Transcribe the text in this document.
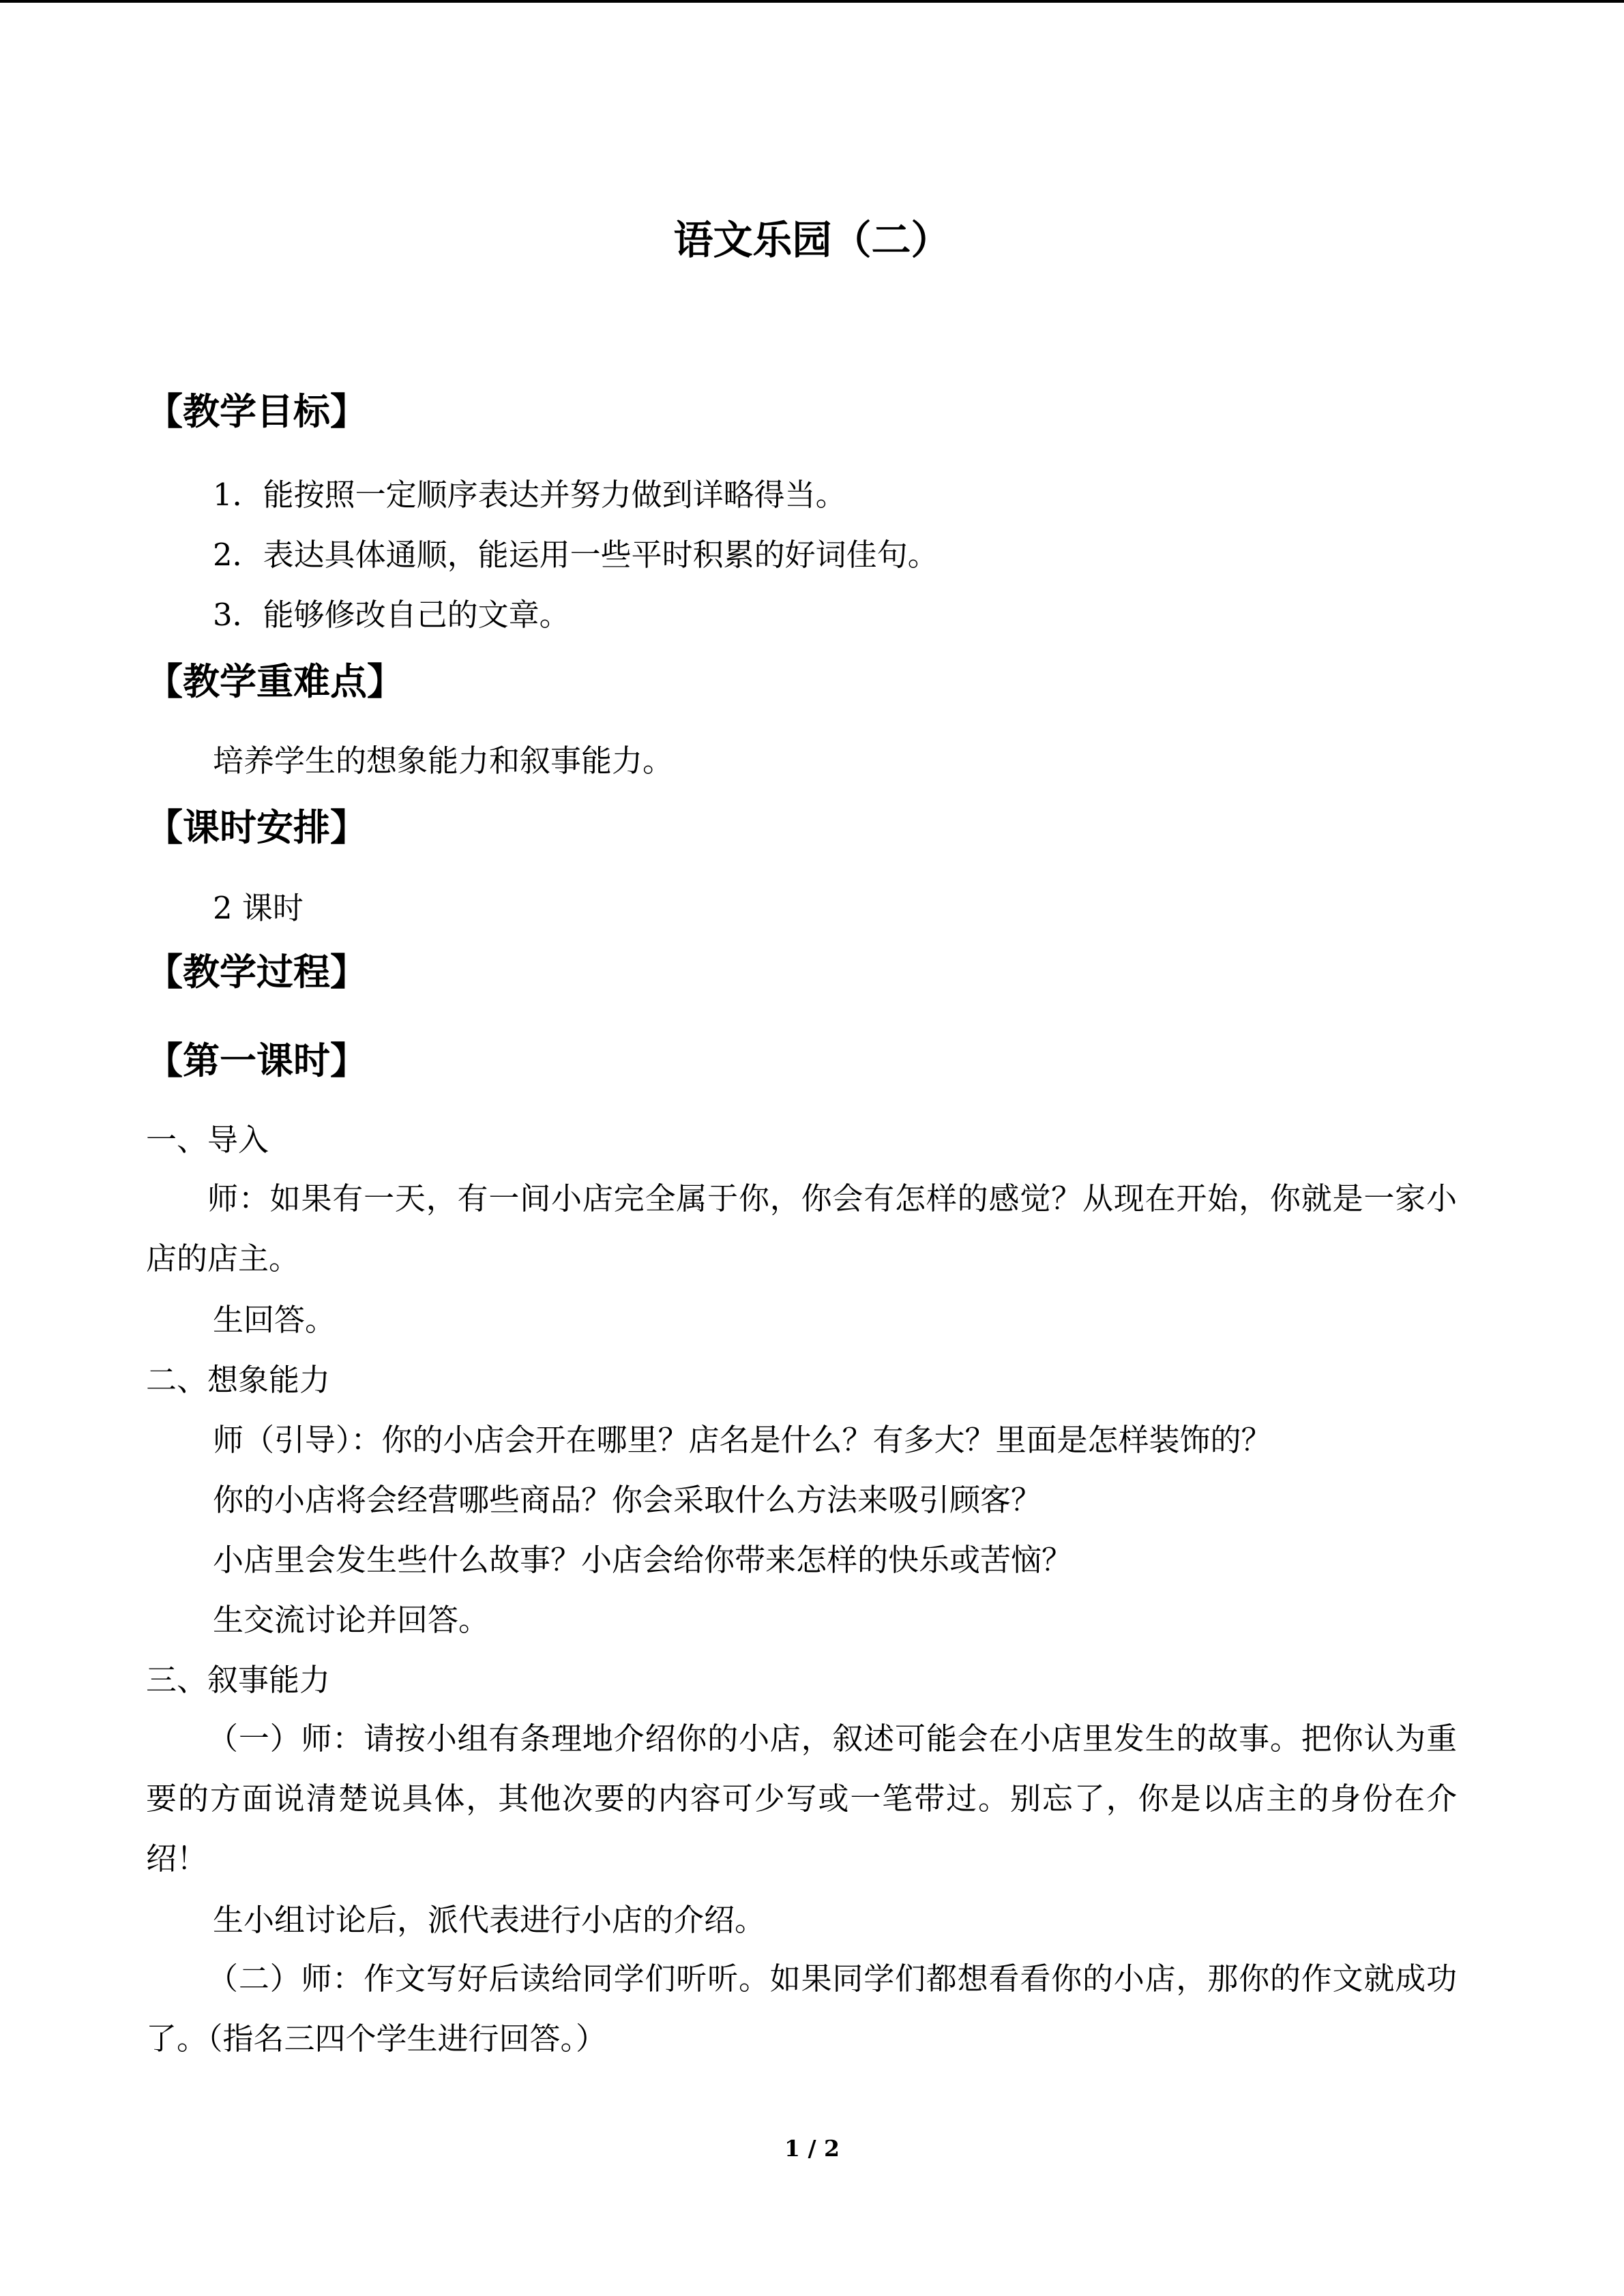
语文乐园（二）
【教学目标】
1．能按照一定顺序表达并努力做到详略得当。
2．表达具体通顺，能运用一些平时积累的好词佳句。
3．能够修改自己的文章。
【教学重难点】
培养学生的想象能力和叙事能力。
【课时安排】
2 课时
【教学过程】
【第一课时】
一、导入
师：如果有一天，有一间小店完全属于你，你会有怎样的感觉？从现在开始，你就是一家小店的店主。
生回答。
二、想象能力
师（引导）：你的小店会开在哪里？店名是什么？有多大？里面是怎样装饰的？
你的小店将会经营哪些商品？你会采取什么方法来吸引顾客？
小店里会发生些什么故事？小店会给你带来怎样的快乐或苦恼？
生交流讨论并回答。
三、叙事能力
（一）师：请按小组有条理地介绍你的小店，叙述可能会在小店里发生的故事。把你认为重要的方面说清楚说具体，其他次要的内容可少写或一笔带过。别忘了，你是以店主的身份在介绍！
生小组讨论后，派代表进行小店的介绍。
（二）师：作文写好后读给同学们听听。如果同学们都想看看你的小店，那你的作文就成功了。（指名三四个学生进行回答。）
1 / 2
